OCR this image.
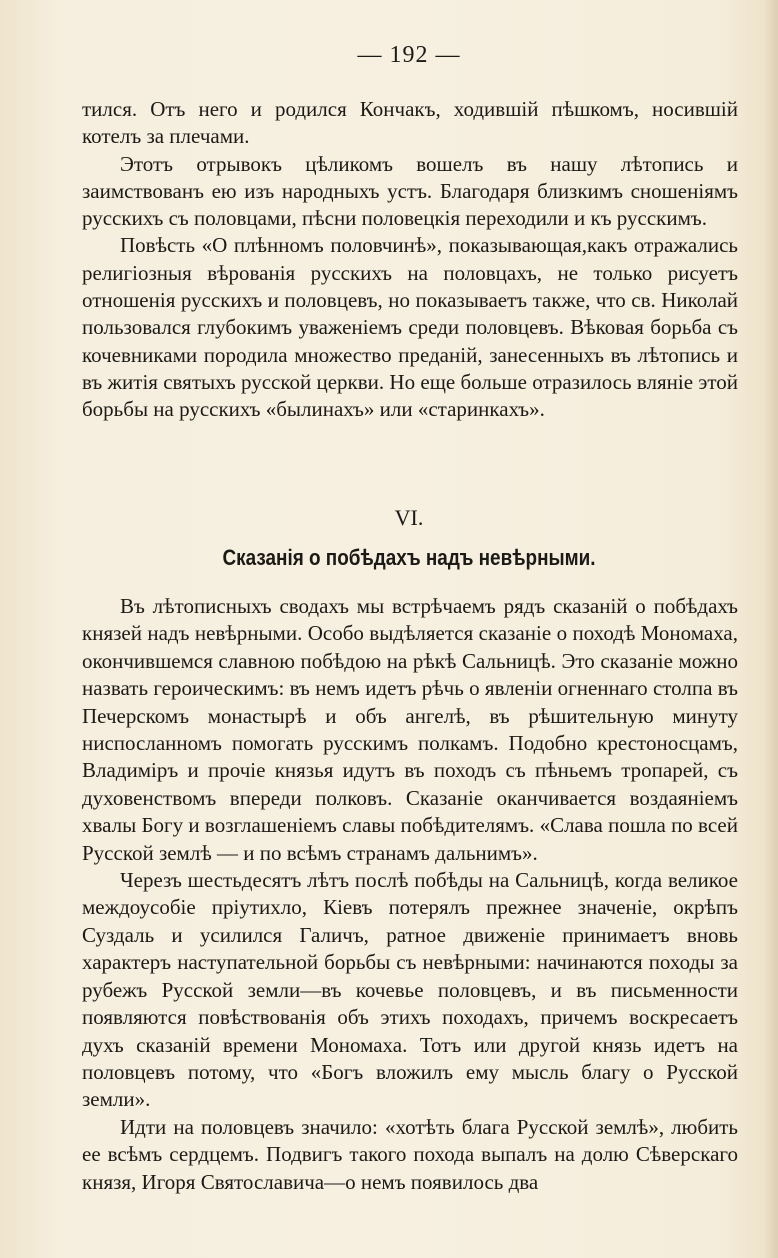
— 192 —

тился. Отъ него и родился Кончакъ, ходившій пѣшкомъ, носившій котелъ за плечами.

Этотъ отрывокъ цѣликомъ вошелъ въ нашу лѣтопись и заимствованъ ею изъ народныхъ устъ. Благодаря близкимъ сношеніямъ русскихъ съ половцами, пѣсни половецкія переходили и къ русскимъ.

Повѣсть «О плѣнномъ половчинѣ», показывающая,какъ отражались религіозныя вѣрованія русскихъ на половцахъ, не только рисуетъ отношенія русскихъ и половцевъ, но показываетъ также, что св. Николай пользовался глубокимъ уваженіемъ среди половцевъ. Вѣковая борьба съ кочевниками породила множество преданій, занесенныхъ въ лѣтопись и въ житія святыхъ русской церкви. Но еще больше отразилось вляніе этой борьбы на русскихъ «былинахъ» или «старинкахъ».

VI.
Сказанія о побѣдахъ надъ невѣрными.

Въ лѣтописныхъ сводахъ мы встрѣчаемъ рядъ сказаній о побѣдахъ князей надъ невѣрными. Особо выдѣляется сказаніе о походѣ Мономаха, окончившемся славною побѣдою на рѣкѣ Сальницѣ. Это сказаніе можно назвать героическимъ: въ немъ идетъ рѣчь о явленіи огненнаго столпа въ Печерскомъ монастырѣ и объ ангелѣ, въ рѣшительную минуту ниспосланномъ помогать русскимъ полкамъ. Подобно крестоносцамъ, Владиміръ и прочіе князья идутъ въ походъ съ пѣньемъ тропарей, съ духовенствомъ впереди полковъ. Сказаніе оканчивается воздаяніемъ хвалы Богу и возглашеніемъ славы побѣдителямъ. «Слава пошла по всей Русской землѣ — и по всѣмъ странамъ дальнимъ».

Черезъ шестьдесятъ лѣтъ послѣ побѣды на Сальницѣ, когда великое междоусобіе пріутихло, Кіевъ потерялъ прежнее значеніе, окрѣпъ Суздаль и усилился Галичъ, ратное движеніе принимаетъ вновь характеръ наступательной борьбы съ невѣрными: начинаются походы за рубежъ Русской земли—въ кочевье половцевъ, и въ письменности появляются повѣствованія объ этихъ походахъ, причемъ воскресаетъ духъ сказаній времени Мономаха. Тотъ или другой князь идетъ на половцевъ потому, что «Богъ вложилъ ему мысль благу о Русской земли».

Идти на половцевъ значило: «хотѣть блага Русской землѣ», любить ее всѣмъ сердцемъ. Подвигъ такого похода выпалъ на долю Сѣверскаго князя, Игоря Святославича—о немъ появилось два
